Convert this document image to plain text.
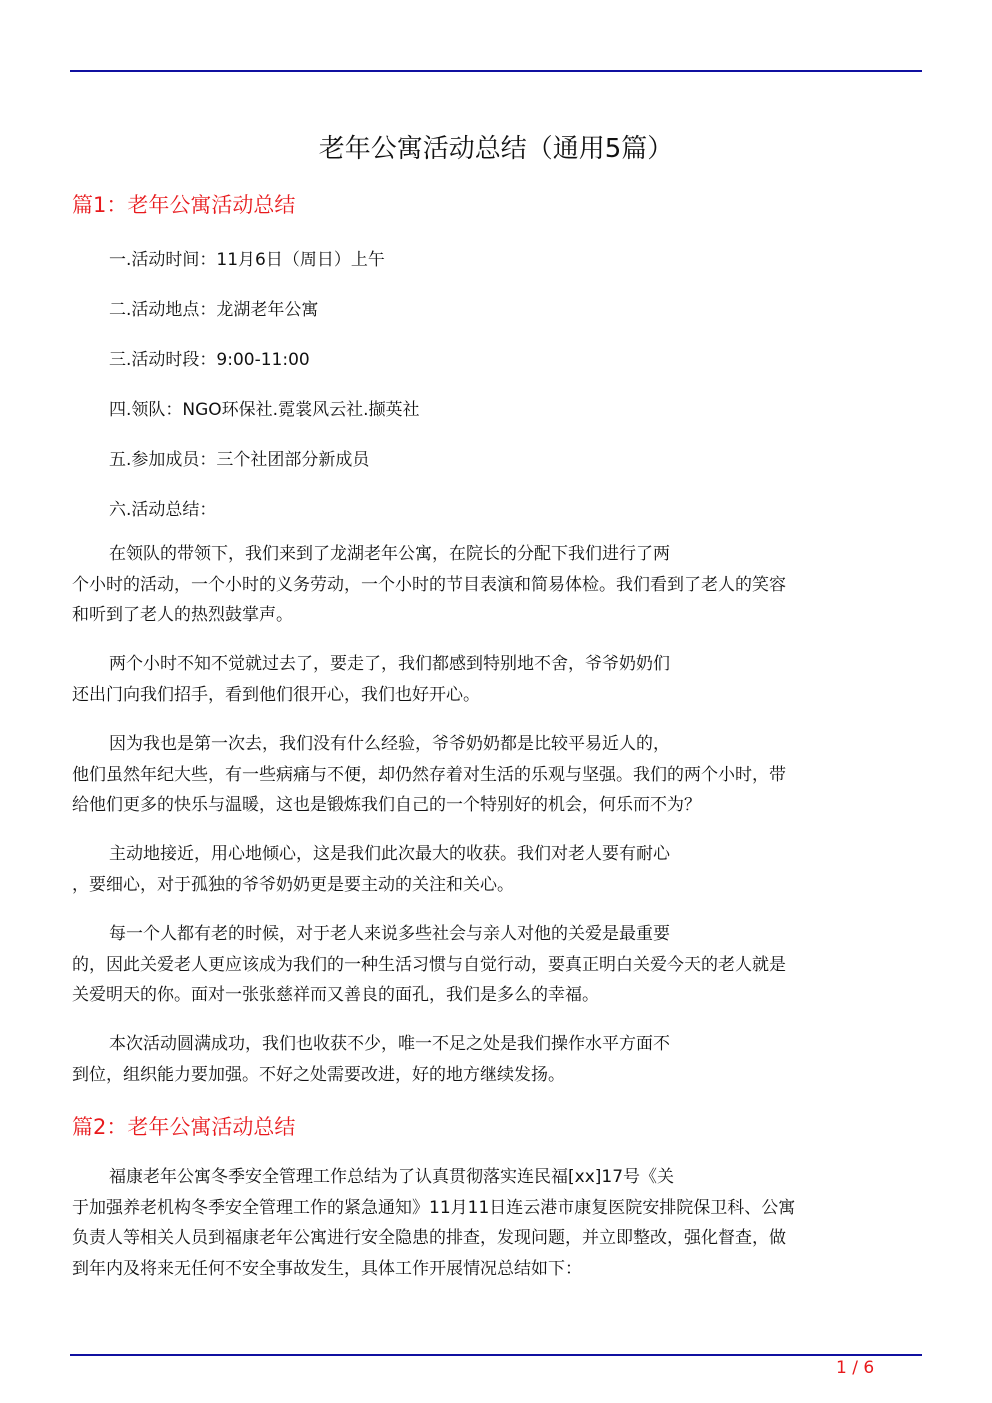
老年公寓活动总结（通用5篇）
篇1：老年公寓活动总结
一.活动时间：11月6日（周日）上午
二.活动地点：龙湖老年公寓
三.活动时段：9:00-11:00
四.领队：NGO环保社.霓裳风云社.撷英社
五.参加成员：三个社团部分新成员
六.活动总结：
在领队的带领下，我们来到了龙湖老年公寓，在院长的分配下我们进行了两
个小时的活动，一个小时的义务劳动，一个小时的节目表演和简易体检。我们看到了老人的笑容
和听到了老人的热烈鼓掌声。
两个小时不知不觉就过去了，要走了，我们都感到特别地不舍，爷爷奶奶们
还出门向我们招手，看到他们很开心，我们也好开心。
因为我也是第一次去，我们没有什么经验，爷爷奶奶都是比较平易近人的，
他们虽然年纪大些，有一些病痛与不便，却仍然存着对生活的乐观与坚强。我们的两个小时，带
给他们更多的快乐与温暖，这也是锻炼我们自己的一个特别好的机会，何乐而不为？
主动地接近，用心地倾心，这是我们此次最大的收获。我们对老人要有耐心
，要细心，对于孤独的爷爷奶奶更是要主动的关注和关心。
每一个人都有老的时候，对于老人来说多些社会与亲人对他的关爱是最重要
的，因此关爱老人更应该成为我们的一种生活习惯与自觉行动，要真正明白关爱今天的老人就是
关爱明天的你。面对一张张慈祥而又善良的面孔，我们是多么的幸福。
本次活动圆满成功，我们也收获不少，唯一不足之处是我们操作水平方面不
到位，组织能力要加强。不好之处需要改进，好的地方继续发扬。
篇2：老年公寓活动总结
福康老年公寓冬季安全管理工作总结为了认真贯彻落实连民福[xx]17号《关
于加强养老机构冬季安全管理工作的紧急通知》11月11日连云港市康复医院安排院保卫科、公寓
负责人等相关人员到福康老年公寓进行安全隐患的排查，发现问题，并立即整改，强化督查，做
到年内及将来无任何不安全事故发生，具体工作开展情况总结如下：
1 / 6
